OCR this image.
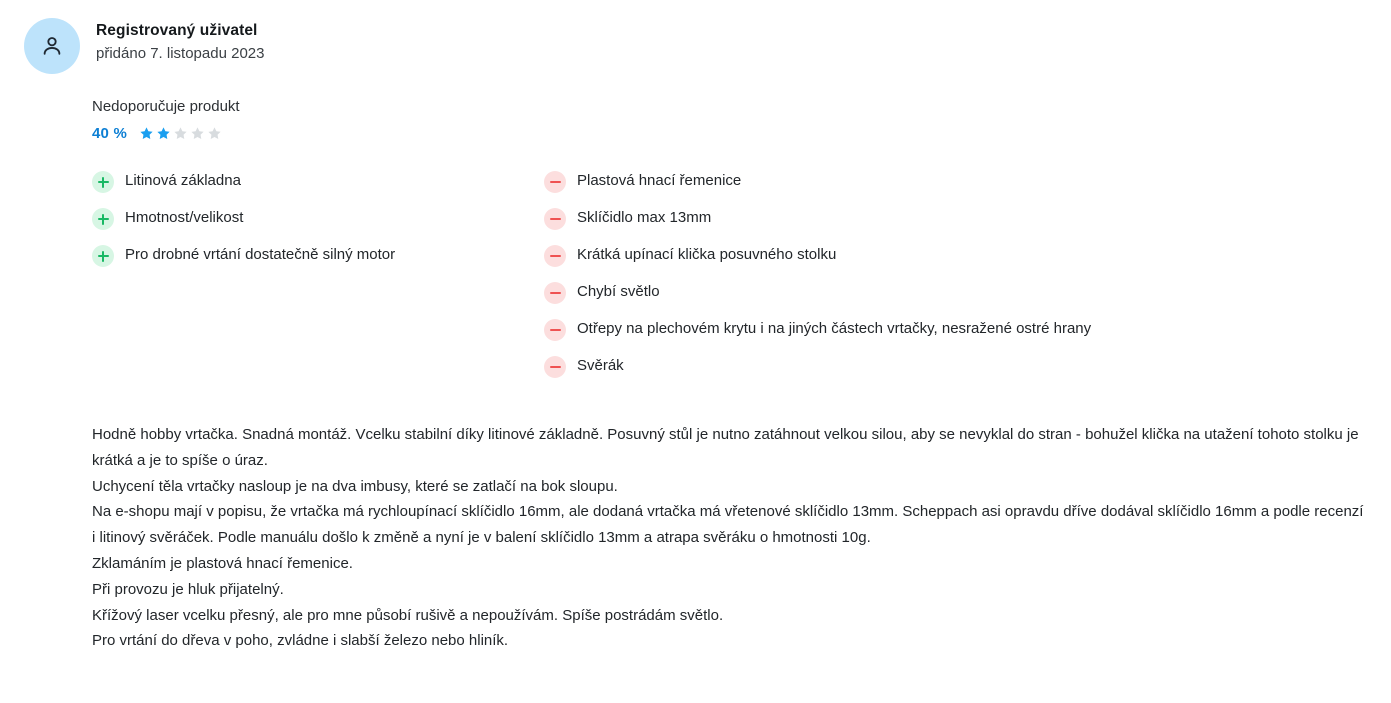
Registrovaný uživatel
přidáno 7. listopadu 2023
Nedoporučuje produkt
40 %
Litinová základna
Hmotnost/velikost
Pro drobné vrtání dostatečně silný motor
Plastová hnací řemenice
Sklíčidlo max 13mm
Krátká upínací klička posuvného stolku
Chybí světlo
Otřepy na plechovém krytu i na jiných částech vrtačky, nesražené ostré hrany
Svěrák

Hodně hobby vrtačka. Snadná montáž. Vcelku stabilní díky litinové základně. Posuvný stůl je nutno zatáhnout velkou silou, aby se nevyklal do stran - bohužel klička na utažení tohoto stolku je krátká a je to spíše o úraz.

Uchycení těla vrtačky nasloup je na dva imbusy, které se zatlačí na bok sloupu.

Na e-shopu mají v popisu, že vrtačka má rychloupínací sklíčidlo 16mm, ale dodaná vrtačka má vřetenové sklíčidlo 13mm. Scheppach asi opravdu dříve dodával sklíčidlo 16mm a podle recenzí i litinový svěráček. Podle manuálu došlo k změně a nyní je v balení sklíčidlo 13mm a atrapa svěráku o hmotnosti 10g.

Zklamáním je plastová hnací řemenice.

Při provozu je hluk přijatelný.

Křížový laser vcelku přesný, ale pro mne působí rušivě a nepoužívám. Spíše postrádám světlo.

Pro vrtání do dřeva v poho, zvládne i slabší železo nebo hliník.
